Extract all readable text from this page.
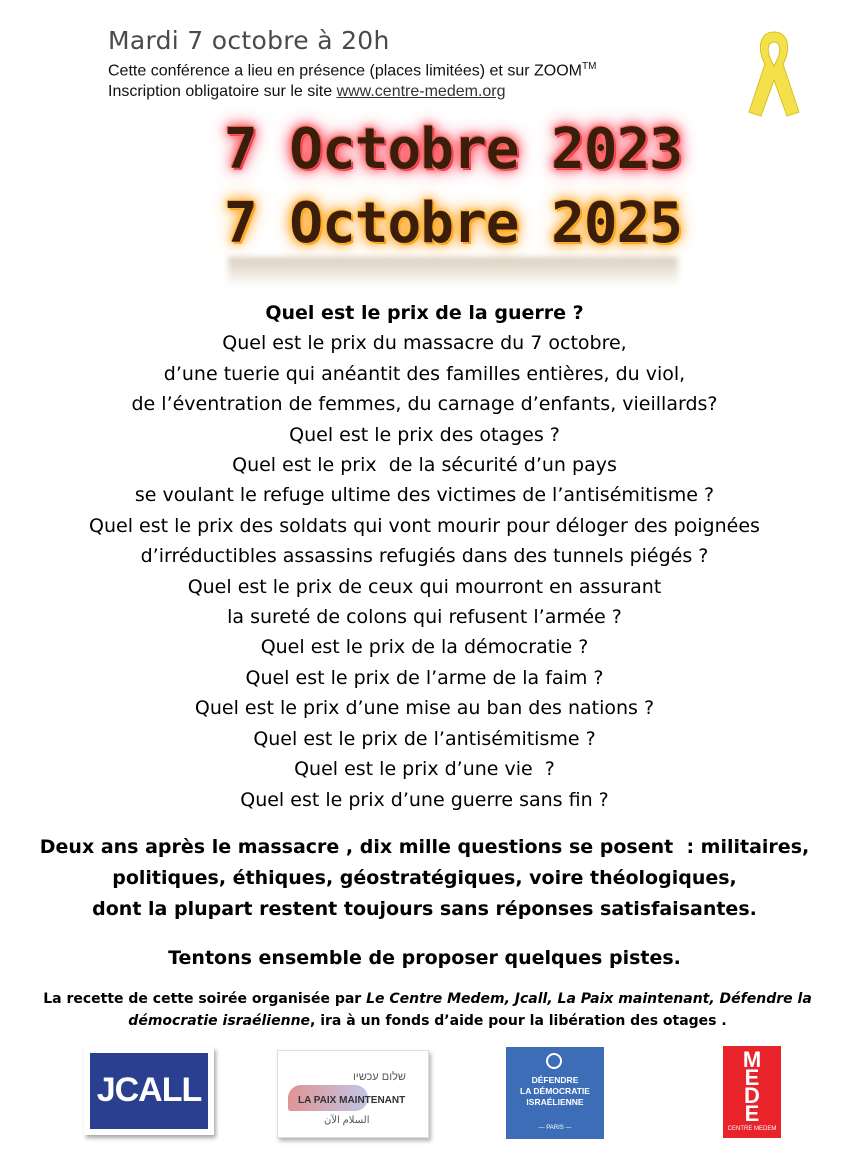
Mardi 7 octobre à 20h
Cette conférence a lieu en présence (places limitées) et sur ZOOM™
Inscription obligatoire sur le site www.centre-medem.org
7 Octobre 2023
7 Octobre 2025
Quel est le prix de la guerre ?
Quel est le prix du massacre du 7 octobre,
d’une tuerie qui anéantit des familles entières, du viol,
de l’éventration de femmes, du carnage d’enfants, vieillards?
Quel est le prix des otages ?
Quel est le prix  de la sécurité d’un pays
se voulant le refuge ultime des victimes de l’antisémitisme ?
Quel est le prix des soldats qui vont mourir pour déloger des poignées
d’irréductibles assassins refugiés dans des tunnels piégés ?
Quel est le prix de ceux qui mourront en assurant
la sureté de colons qui refusent l’armée ?
Quel est le prix de la démocratie ?
Quel est le prix de l’arme de la faim ?
Quel est le prix d’une mise au ban des nations ?
Quel est le prix de l’antisémitisme ?
Quel est le prix d’une vie  ?
Quel est le prix d’une guerre sans fin ?
Deux ans après le massacre , dix mille questions se posent  : militaires,
politiques, éthiques, géostratégiques, voire théologiques,
dont la plupart restent toujours sans réponses satisfaisantes.
Tentons ensemble de proposer quelques pistes.
La recette de cette soirée organisée par Le Centre Medem, Jcall, La Paix maintenant, Défendre la démocratie israélienne, ira à un fonds d’aide pour la libération des otages .
JCALL	שלום עכשיו
LA PAIX MAINTENANT
السلام الآن
DÉFENDRE
LA DÉMOCRATIE
ISRAÉLIENNE
— PARIS —
M
E
D
E
CENTRE MEDEM
